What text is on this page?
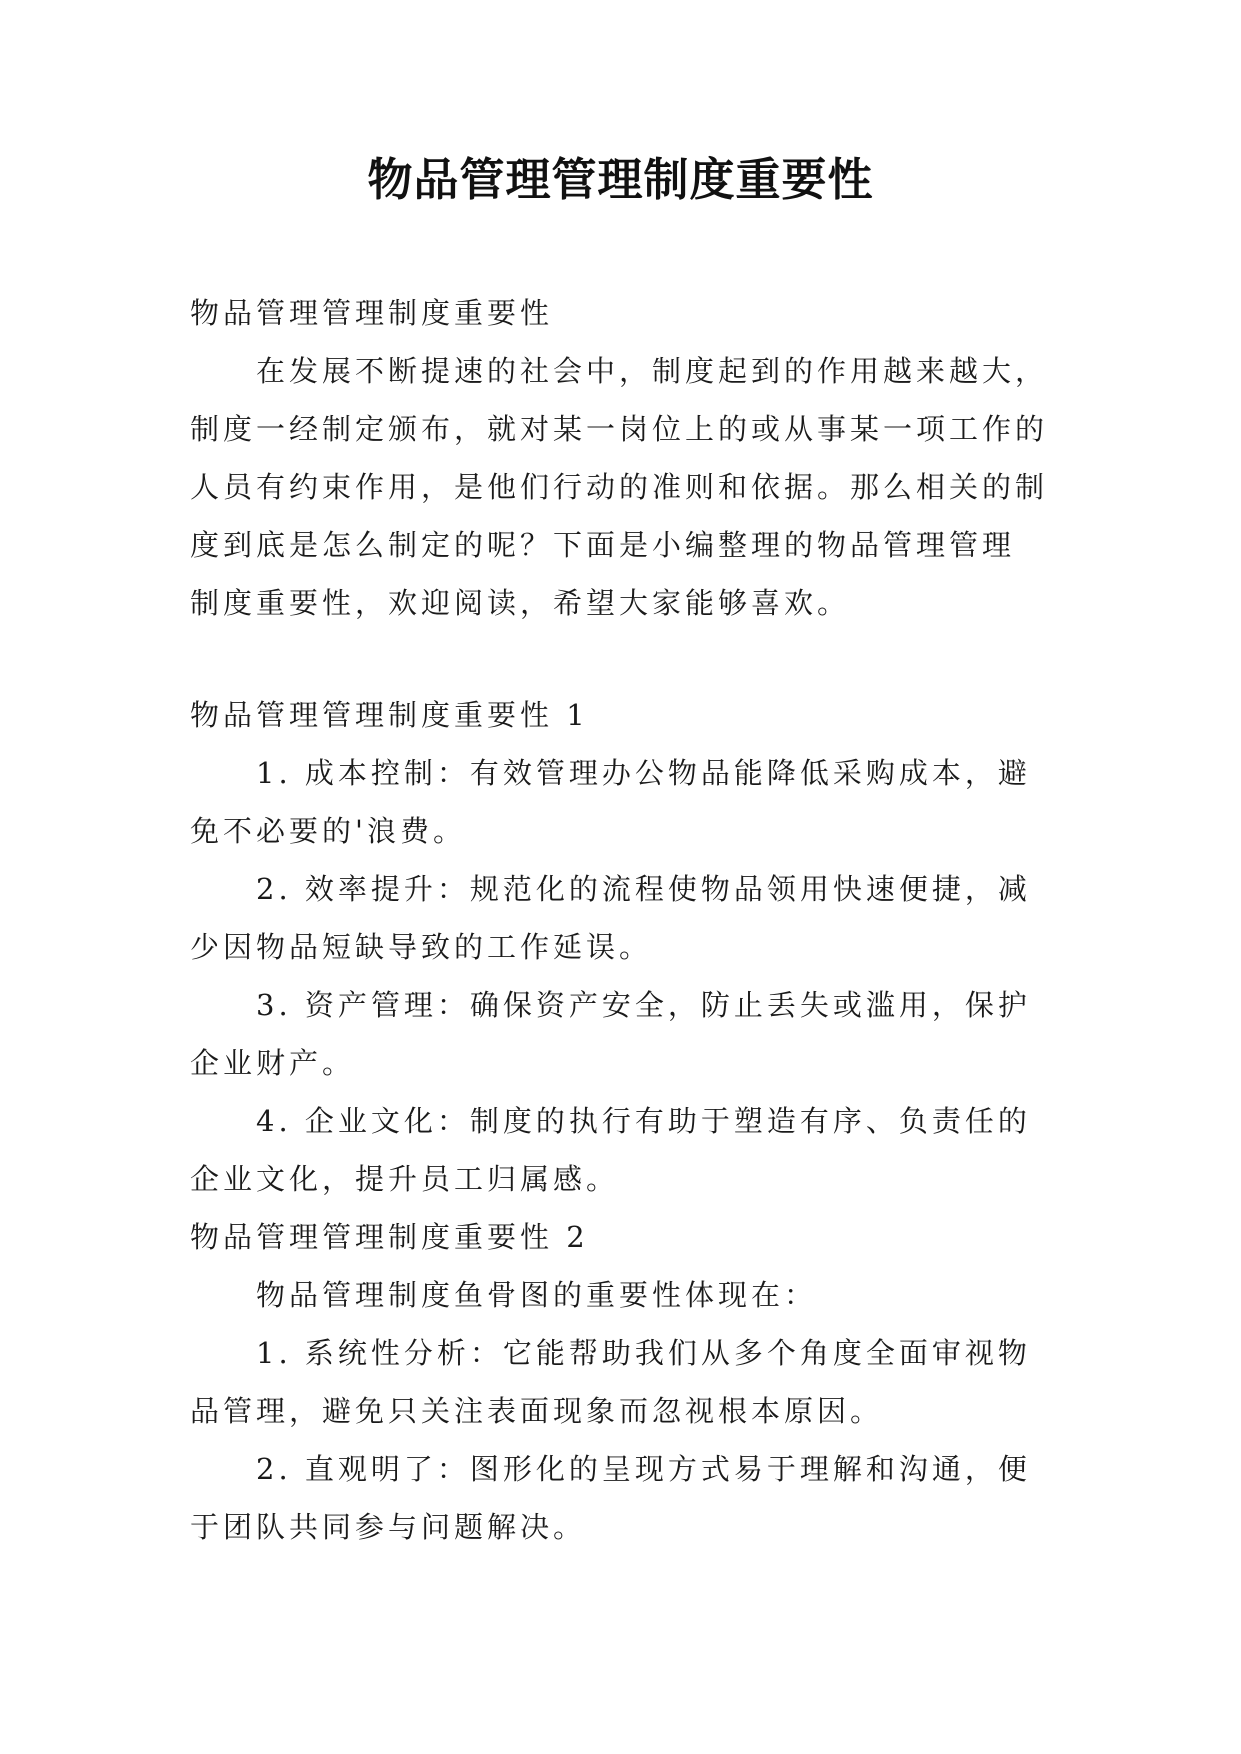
物品管理管理制度重要性

物品管理管理制度重要性

在发展不断提速的社会中，制度起到的作用越来越大，

制度一经制定颁布，就对某一岗位上的或从事某一项工作的

人员有约束作用，是他们行动的准则和依据。那么相关的制

度到底是怎么制定的呢？下面是小编整理的物品管理管理

制度重要性，欢迎阅读，希望大家能够喜欢。

物品管理管理制度重要性 1

1. 成本控制：有效管理办公物品能降低采购成本，避

免不必要的'浪费。

2. 效率提升：规范化的流程使物品领用快速便捷，减

少因物品短缺导致的工作延误。

3. 资产管理：确保资产安全，防止丢失或滥用，保护

企业财产。

4. 企业文化：制度的执行有助于塑造有序、负责任的

企业文化，提升员工归属感。

物品管理管理制度重要性 2

物品管理制度鱼骨图的重要性体现在：

1. 系统性分析：它能帮助我们从多个角度全面审视物

品管理，避免只关注表面现象而忽视根本原因。

2. 直观明了：图形化的呈现方式易于理解和沟通，便

于团队共同参与问题解决。
